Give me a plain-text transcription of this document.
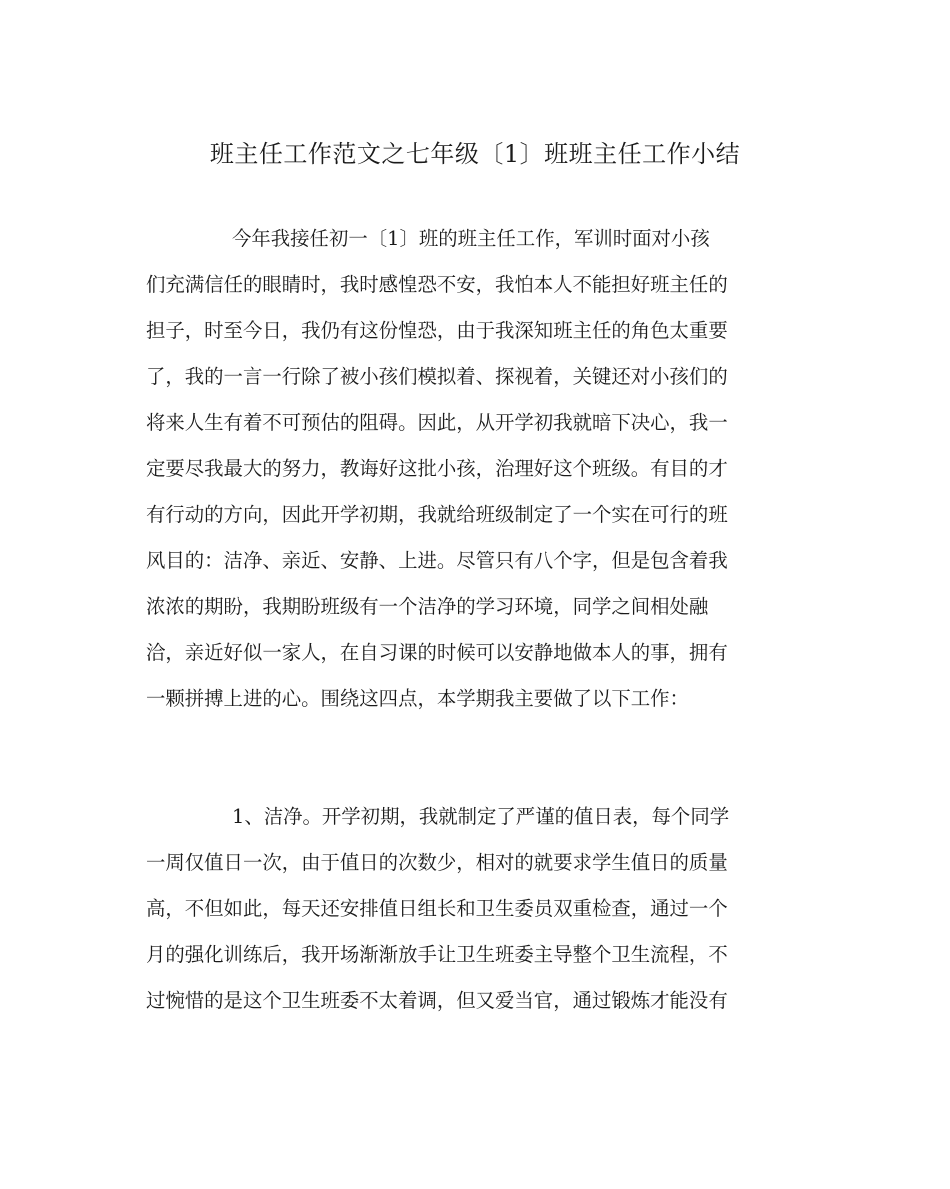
班主任工作范文之七年级〔1〕班班主任工作小结
今年我接任初一〔1〕班的班主任工作，军训时面对小孩
们充满信任的眼睛时，我时感惶恐不安，我怕本人不能担好班主任的
担子，时至今日，我仍有这份惶恐，由于我深知班主任的角色太重要
了，我的一言一行除了被小孩们模拟着、探视着，关键还对小孩们的
将来人生有着不可预估的阻碍。因此，从开学初我就暗下决心，我一
定要尽我最大的努力，教诲好这批小孩，治理好这个班级。有目的才
有行动的方向，因此开学初期，我就给班级制定了一个实在可行的班
风目的：洁净、亲近、安静、上进。尽管只有八个字，但是包含着我
浓浓的期盼，我期盼班级有一个洁净的学习环境，同学之间相处融
洽，亲近好似一家人，在自习课的时候可以安静地做本人的事，拥有
一颗拼搏上进的心。围绕这四点，本学期我主要做了以下工作：
1、洁净。开学初期，我就制定了严谨的值日表，每个同学
一周仅值日一次，由于值日的次数少，相对的就要求学生值日的质量
高，不但如此，每天还安排值日组长和卫生委员双重检查，通过一个
月的强化训练后，我开场渐渐放手让卫生班委主导整个卫生流程，不
过惋惜的是这个卫生班委不太着调，但又爱当官，通过锻炼才能没有
